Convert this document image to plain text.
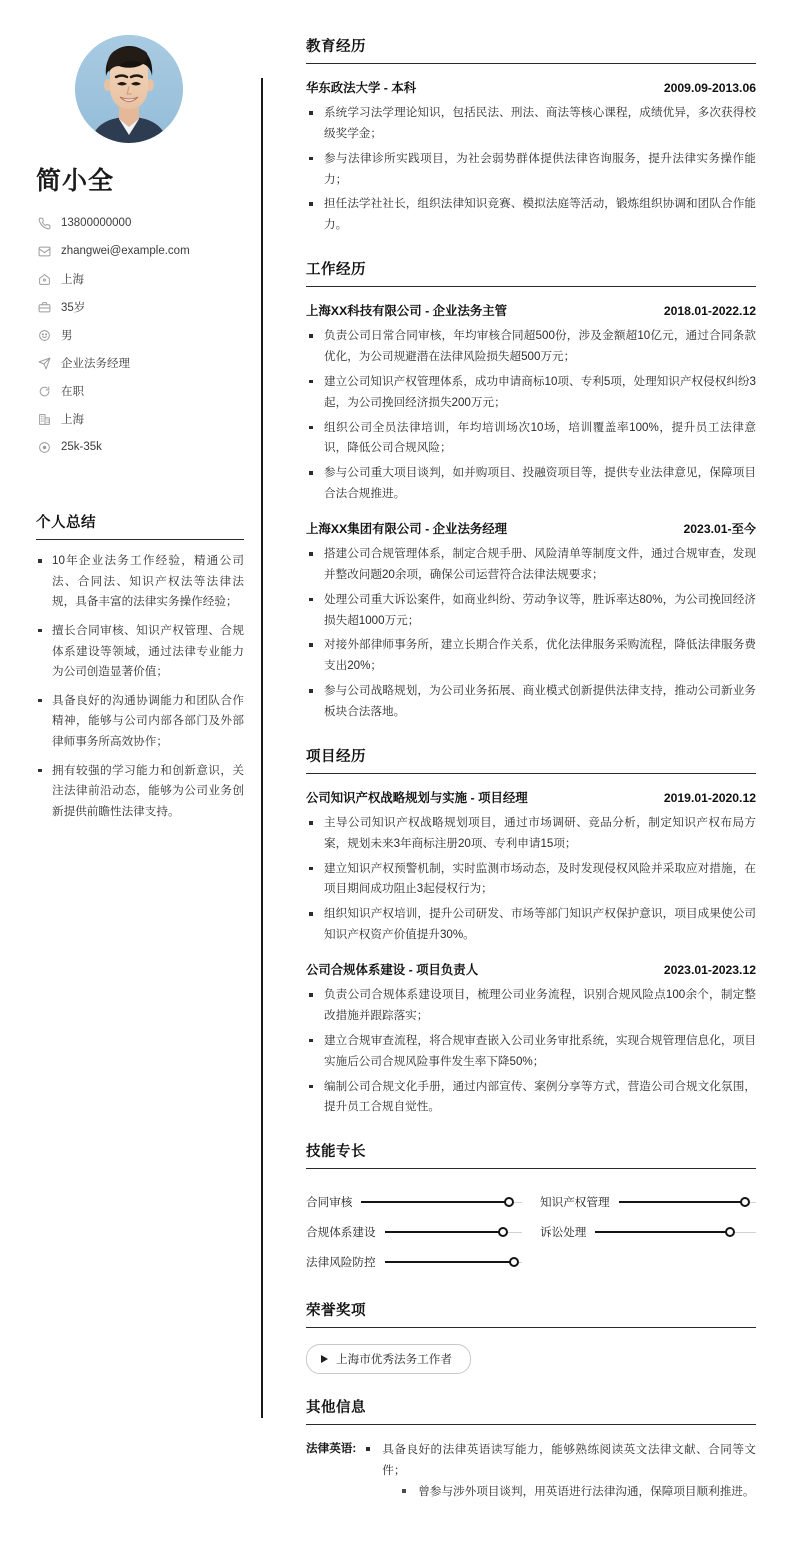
简小全
13800000000
zhangwei@example.com
上海
35岁
男
企业法务经理
在职
上海
25k-35k
个人总结
10年企业法务工作经验，精通公司法、合同法、知识产权法等法律法规，具备丰富的法律实务操作经验；
擅长合同审核、知识产权管理、合规体系建设等领域，通过法律专业能力为公司创造显著价值；
具备良好的沟通协调能力和团队合作精神，能够与公司内部各部门及外部律师事务所高效协作；
拥有较强的学习能力和创新意识，关注法律前沿动态，能够为公司业务创新提供前瞻性法律支持。
教育经历
华东政法大学 - 本科	2009.09-2013.06
系统学习法学理论知识，包括民法、刑法、商法等核心课程，成绩优异，多次获得校级奖学金；
参与法律诊所实践项目，为社会弱势群体提供法律咨询服务，提升法律实务操作能力；
担任法学社社长，组织法律知识竞赛、模拟法庭等活动，锻炼组织协调和团队合作能力。
工作经历
上海XX科技有限公司 - 企业法务主管	2018.01-2022.12
负责公司日常合同审核，年均审核合同超500份，涉及金额超10亿元，通过合同条款优化，为公司规避潜在法律风险损失超500万元；
建立公司知识产权管理体系，成功申请商标10项、专利5项，处理知识产权侵权纠纷3起，为公司挽回经济损失200万元；
组织公司全员法律培训，年均培训场次10场，培训覆盖率100%，提升员工法律意识，降低公司合规风险；
参与公司重大项目谈判，如并购项目、投融资项目等，提供专业法律意见，保障项目合法合规推进。
上海XX集团有限公司 - 企业法务经理	2023.01-至今
搭建公司合规管理体系，制定合规手册、风险清单等制度文件，通过合规审查，发现并整改问题20余项，确保公司运营符合法律法规要求；
处理公司重大诉讼案件，如商业纠纷、劳动争议等，胜诉率达80%，为公司挽回经济损失超1000万元；
对接外部律师事务所，建立长期合作关系，优化法律服务采购流程，降低法律服务费支出20%；
参与公司战略规划，为公司业务拓展、商业模式创新提供法律支持，推动公司新业务板块合法落地。
项目经历
公司知识产权战略规划与实施 - 项目经理	2019.01-2020.12
主导公司知识产权战略规划项目，通过市场调研、竞品分析，制定知识产权布局方案，规划未来3年商标注册20项、专利申请15项；
建立知识产权预警机制，实时监测市场动态，及时发现侵权风险并采取应对措施，在项目期间成功阻止3起侵权行为；
组织知识产权培训，提升公司研发、市场等部门知识产权保护意识，项目成果使公司知识产权资产价值提升30%。
公司合规体系建设 - 项目负责人	2023.01-2023.12
负责公司合规体系建设项目，梳理公司业务流程，识别合规风险点100余个，制定整改措施并跟踪落实；
建立合规审查流程，将合规审查嵌入公司业务审批系统，实现合规管理信息化，项目实施后公司合规风险事件发生率下降50%；
编制公司合规文化手册，通过内部宣传、案例分享等方式，营造公司合规文化氛围，提升员工合规自觉性。
技能专长
合同审核	知识产权管理
合规体系建设	诉讼处理
法律风险防控
荣誉奖项
上海市优秀法务工作者
其他信息
法律英语:	具备良好的法律英语读写能力，能够熟练阅读英文法律文献、合同等文件；
曾参与涉外项目谈判，用英语进行法律沟通，保障项目顺利推进。
